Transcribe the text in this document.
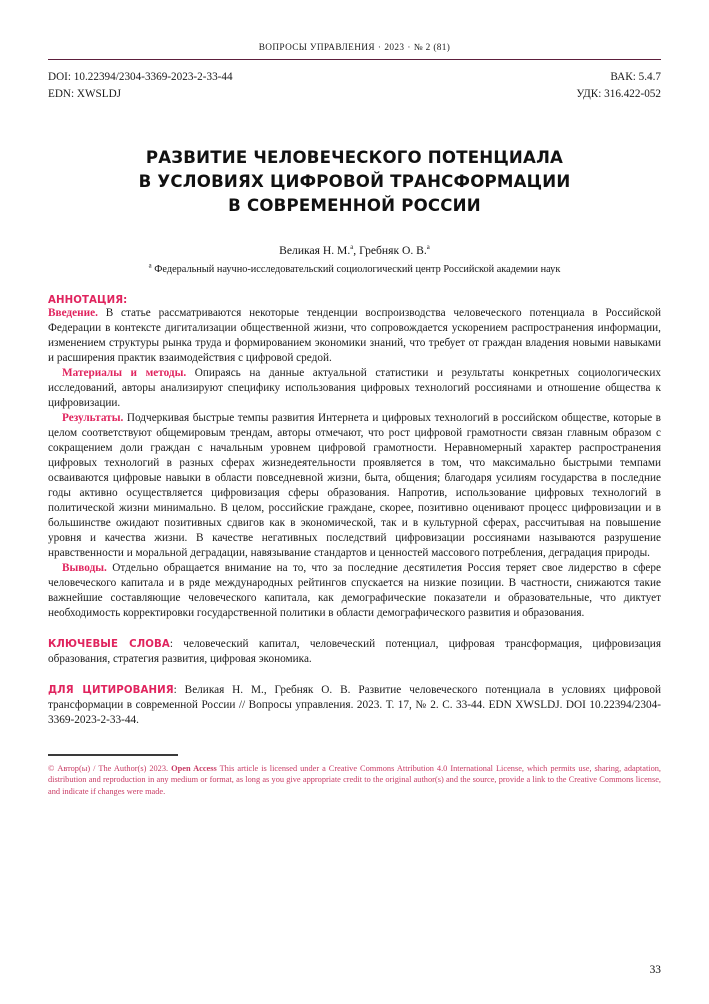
ВОПРОСЫ УПРАВЛЕНИЯ · 2023 · № 2 (81)
DOI: 10.22394/2304-3369-2023-2-33-44
EDN: XWSLDJ
ВАК: 5.4.7
УДК: 316.422-052
РАЗВИТИЕ ЧЕЛОВЕЧЕСКОГО ПОТЕНЦИАЛА
В УСЛОВИЯХ ЦИФРОВОЙ ТРАНСФОРМАЦИИ
В СОВРЕМЕННОЙ РОССИИ
Великая Н. М.$^a$, Гребняк О. В.$^a$
$^a$ Федеральный научно-исследовательский социологический центр Российской академии наук
АННОТАЦИЯ:

Введение. В статье рассматриваются некоторые тенденции воспроизводства человеческого потенциала в Российской Федерации в контексте дигитализации общественной жизни, что сопровождается ускорением распространения информации, изменением структуры рынка труда и формированием экономики знаний, что требует от граждан владения новыми навыками и расширения практик взаимодействия с цифровой средой.

Материалы и методы. Опираясь на данные актуальной статистики и результаты конкретных социологических исследований, авторы анализируют специфику использования цифровых технологий россиянами и отношение общества к цифровизации.

Результаты. Подчеркивая быстрые темпы развития Интернета и цифровых технологий в российском обществе, которые в целом соответствуют общемировым трендам, авторы отмечают, что рост цифровой грамотности связан главным образом с сокращением доли граждан с начальным уровнем цифровой грамотности. Неравномерный характер распространения цифровых технологий в разных сферах жизнедеятельности проявляется в том, что максимально быстрыми темпами осваиваются цифровые навыки в области повседневной жизни, быта, общения; благодаря усилиям государства в последние годы активно осуществляется цифровизация сферы образования. Напротив, использование цифровых технологий в политической жизни минимально. В целом, российские граждане, скорее, позитивно оценивают процесс цифровизации и в большинстве ожидают позитивных сдвигов как в экономической, так и в культурной сферах, рассчитывая на повышение уровня и качества жизни. В качестве негативных последствий цифровизации россиянами называются разрушение нравственности и моральной деградации, навязывание стандартов и ценностей массового потребления, деградация природы.

Выводы. Отдельно обращается внимание на то, что за последние десятилетия Россия теряет свое лидерство в сфере человеческого капитала и в ряде международных рейтингов спускается на низкие позиции. В частности, снижаются такие важнейшие составляющие человеческого капитала, как демографические показатели и образовательные, что диктует необходимость корректировки государственной политики в области демографического развития и образования.

КЛЮЧЕВЫЕ СЛОВА: человеческий капитал, человеческий потенциал, цифровая трансформация, цифровизация образования, стратегия развития, цифровая экономика.
ДЛЯ ЦИТИРОВАНИЯ: Великая Н. М., Гребняк О. В. Развитие человеческого потенциала в условиях цифровой трансформации в современной России // Вопросы управления. 2023. Т. 17, № 2. С. 33-44. EDN XWSLDJ. DOI 10.22394/2304-3369-2023-2-33-44.
© Автор(ы) / The Author(s) 2023. Open Access This article is licensed under a Creative Commons Attribution 4.0 International License, which permits use, sharing, adaptation, distribution and reproduction in any medium or format, as long as you give appropriate credit to the original author(s) and the source, provide a link to the Creative Commons license, and indicate if changes were made.
33
